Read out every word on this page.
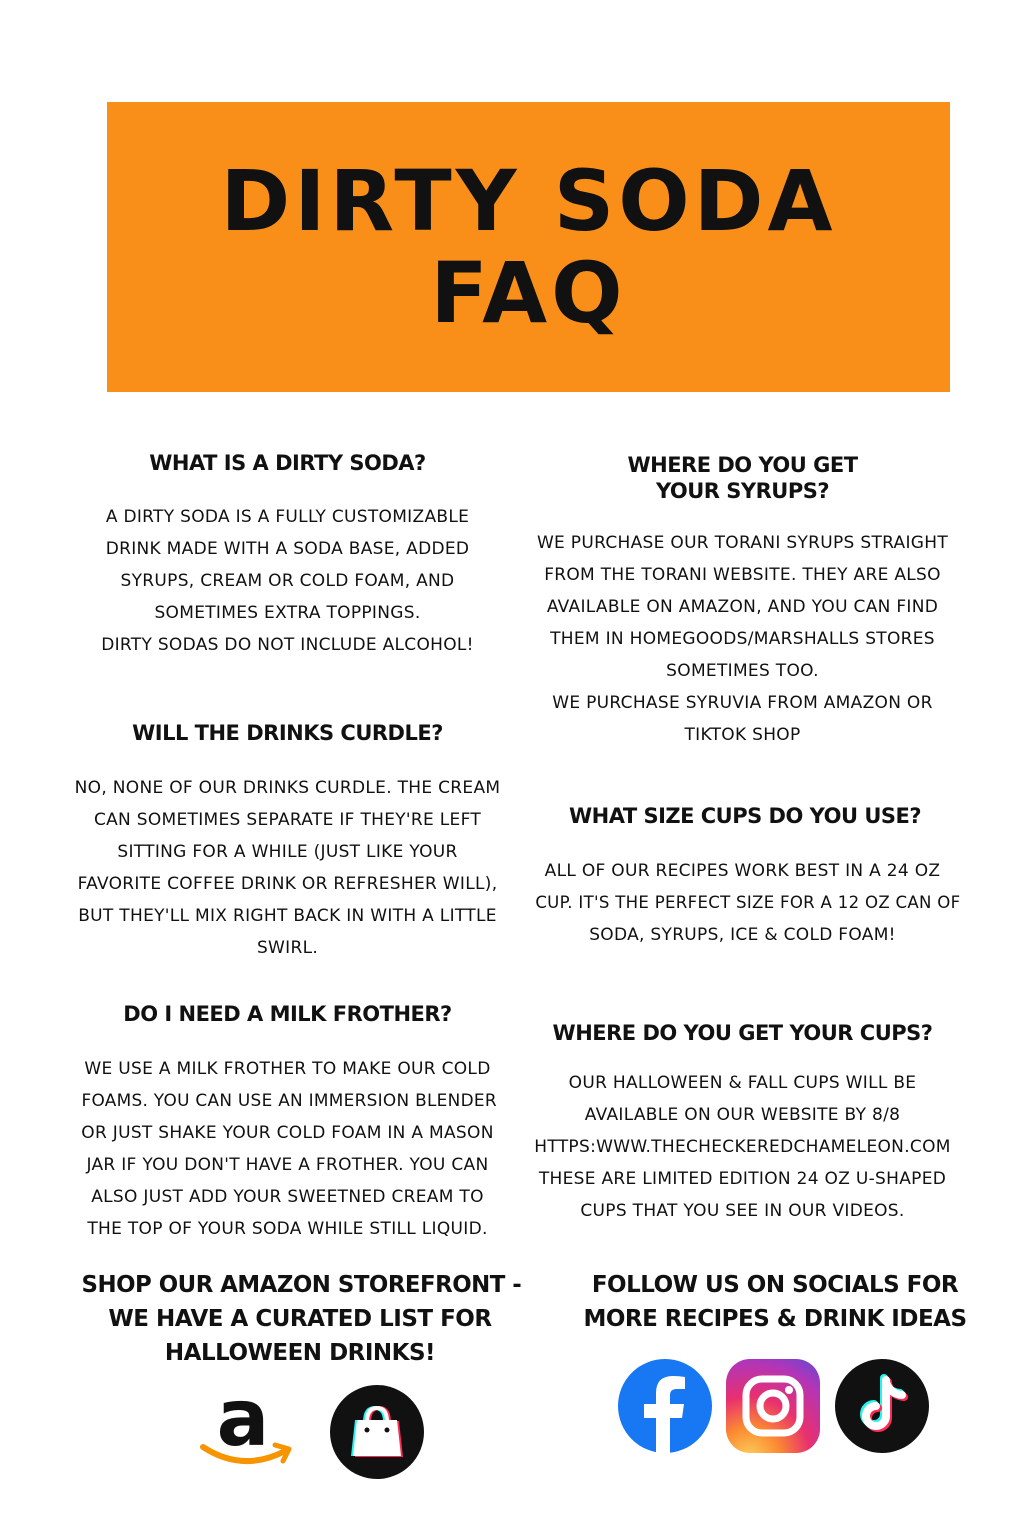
DIRTY SODA
FAQ
WHAT IS A DIRTY SODA?
A DIRTY SODA IS A FULLY CUSTOMIZABLE
DRINK MADE WITH A SODA BASE, ADDED
SYRUPS, CREAM OR COLD FOAM, AND
SOMETIMES EXTRA TOPPINGS.
DIRTY SODAS DO NOT INCLUDE ALCOHOL!
WILL THE DRINKS CURDLE?
NO, NONE OF OUR DRINKS CURDLE. THE CREAM
CAN SOMETIMES SEPARATE IF THEY'RE LEFT
SITTING FOR A WHILE (JUST LIKE YOUR
FAVORITE COFFEE DRINK OR REFRESHER WILL),
BUT THEY'LL MIX RIGHT BACK IN WITH A LITTLE
SWIRL.
DO I NEED A MILK FROTHER?
WE USE A MILK FROTHER TO MAKE OUR COLD
FOAMS. YOU CAN USE AN IMMERSION BLENDER
OR JUST SHAKE YOUR COLD FOAM IN A MASON
JAR IF YOU DON'T HAVE A FROTHER. YOU CAN
ALSO JUST ADD YOUR SWEETNED CREAM TO
THE TOP OF YOUR SODA WHILE STILL LIQUID.
WHERE DO YOU GET
YOUR SYRUPS?
WE PURCHASE OUR TORANI SYRUPS STRAIGHT
FROM THE TORANI WEBSITE. THEY ARE ALSO
AVAILABLE ON AMAZON, AND YOU CAN FIND
THEM IN HOMEGOODS/MARSHALLS STORES
SOMETIMES TOO.
WE PURCHASE SYRUVIA FROM AMAZON OR
TIKTOK SHOP
WHAT SIZE CUPS DO YOU USE?
ALL OF OUR RECIPES WORK BEST IN A 24 OZ
CUP. IT'S THE PERFECT SIZE FOR A 12 OZ CAN OF
SODA, SYRUPS, ICE & COLD FOAM!
WHERE DO YOU GET YOUR CUPS?
OUR HALLOWEEN & FALL CUPS WILL BE
AVAILABLE ON OUR WEBSITE BY 8/8
HTTPS:WWW.THECHECKEREDCHAMELEON.COM
THESE ARE LIMITED EDITION 24 OZ U-SHAPED
CUPS THAT YOU SEE IN OUR VIDEOS.
SHOP OUR AMAZON STOREFRONT -
WE HAVE A CURATED LIST FOR
HALLOWEEN DRINKS!
FOLLOW US ON SOCIALS FOR
MORE RECIPES & DRINK IDEAS
a
